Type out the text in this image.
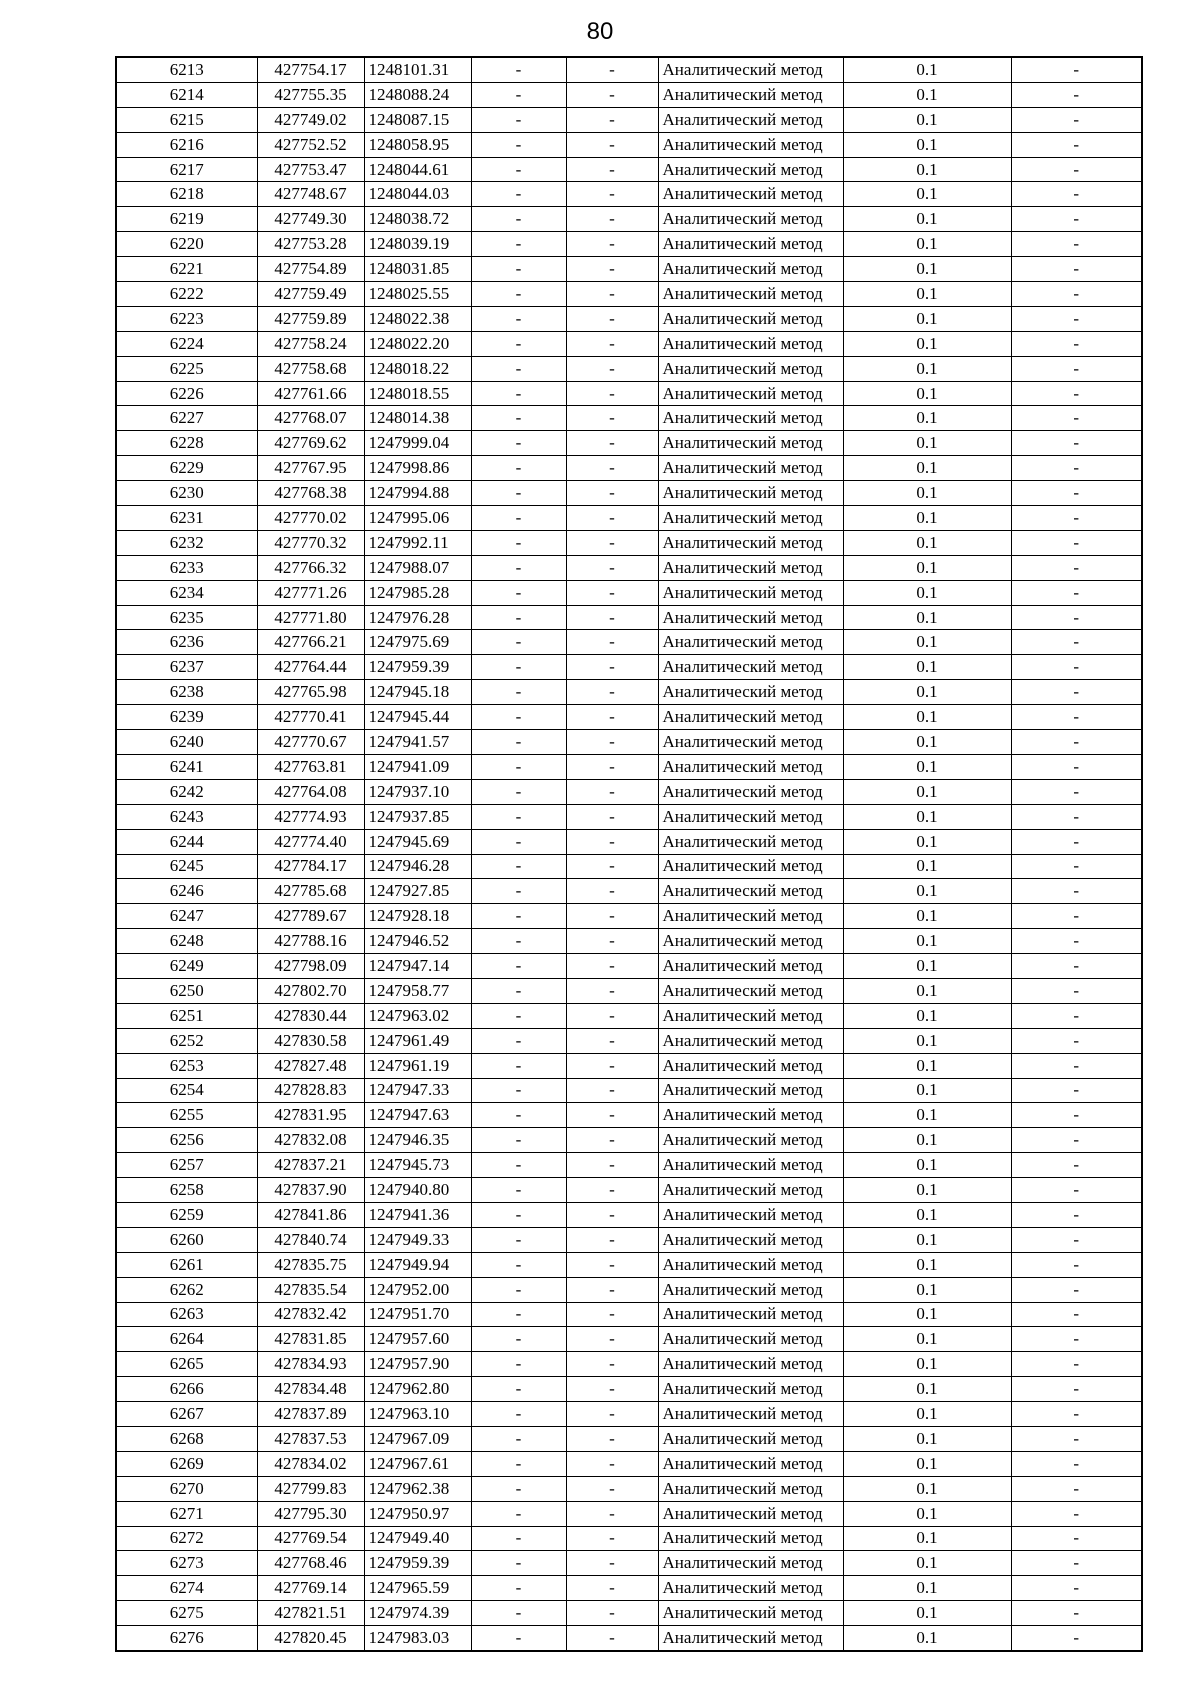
80
6213	427754.17	1248101.31	-	-	Аналитический метод	0.1	-
6214	427755.35	1248088.24	-	-	Аналитический метод	0.1	-
6215	427749.02	1248087.15	-	-	Аналитический метод	0.1	-
6216	427752.52	1248058.95	-	-	Аналитический метод	0.1	-
6217	427753.47	1248044.61	-	-	Аналитический метод	0.1	-
6218	427748.67	1248044.03	-	-	Аналитический метод	0.1	-
6219	427749.30	1248038.72	-	-	Аналитический метод	0.1	-
6220	427753.28	1248039.19	-	-	Аналитический метод	0.1	-
6221	427754.89	1248031.85	-	-	Аналитический метод	0.1	-
6222	427759.49	1248025.55	-	-	Аналитический метод	0.1	-
6223	427759.89	1248022.38	-	-	Аналитический метод	0.1	-
6224	427758.24	1248022.20	-	-	Аналитический метод	0.1	-
6225	427758.68	1248018.22	-	-	Аналитический метод	0.1	-
6226	427761.66	1248018.55	-	-	Аналитический метод	0.1	-
6227	427768.07	1248014.38	-	-	Аналитический метод	0.1	-
6228	427769.62	1247999.04	-	-	Аналитический метод	0.1	-
6229	427767.95	1247998.86	-	-	Аналитический метод	0.1	-
6230	427768.38	1247994.88	-	-	Аналитический метод	0.1	-
6231	427770.02	1247995.06	-	-	Аналитический метод	0.1	-
6232	427770.32	1247992.11	-	-	Аналитический метод	0.1	-
6233	427766.32	1247988.07	-	-	Аналитический метод	0.1	-
6234	427771.26	1247985.28	-	-	Аналитический метод	0.1	-
6235	427771.80	1247976.28	-	-	Аналитический метод	0.1	-
6236	427766.21	1247975.69	-	-	Аналитический метод	0.1	-
6237	427764.44	1247959.39	-	-	Аналитический метод	0.1	-
6238	427765.98	1247945.18	-	-	Аналитический метод	0.1	-
6239	427770.41	1247945.44	-	-	Аналитический метод	0.1	-
6240	427770.67	1247941.57	-	-	Аналитический метод	0.1	-
6241	427763.81	1247941.09	-	-	Аналитический метод	0.1	-
6242	427764.08	1247937.10	-	-	Аналитический метод	0.1	-
6243	427774.93	1247937.85	-	-	Аналитический метод	0.1	-
6244	427774.40	1247945.69	-	-	Аналитический метод	0.1	-
6245	427784.17	1247946.28	-	-	Аналитический метод	0.1	-
6246	427785.68	1247927.85	-	-	Аналитический метод	0.1	-
6247	427789.67	1247928.18	-	-	Аналитический метод	0.1	-
6248	427788.16	1247946.52	-	-	Аналитический метод	0.1	-
6249	427798.09	1247947.14	-	-	Аналитический метод	0.1	-
6250	427802.70	1247958.77	-	-	Аналитический метод	0.1	-
6251	427830.44	1247963.02	-	-	Аналитический метод	0.1	-
6252	427830.58	1247961.49	-	-	Аналитический метод	0.1	-
6253	427827.48	1247961.19	-	-	Аналитический метод	0.1	-
6254	427828.83	1247947.33	-	-	Аналитический метод	0.1	-
6255	427831.95	1247947.63	-	-	Аналитический метод	0.1	-
6256	427832.08	1247946.35	-	-	Аналитический метод	0.1	-
6257	427837.21	1247945.73	-	-	Аналитический метод	0.1	-
6258	427837.90	1247940.80	-	-	Аналитический метод	0.1	-
6259	427841.86	1247941.36	-	-	Аналитический метод	0.1	-
6260	427840.74	1247949.33	-	-	Аналитический метод	0.1	-
6261	427835.75	1247949.94	-	-	Аналитический метод	0.1	-
6262	427835.54	1247952.00	-	-	Аналитический метод	0.1	-
6263	427832.42	1247951.70	-	-	Аналитический метод	0.1	-
6264	427831.85	1247957.60	-	-	Аналитический метод	0.1	-
6265	427834.93	1247957.90	-	-	Аналитический метод	0.1	-
6266	427834.48	1247962.80	-	-	Аналитический метод	0.1	-
6267	427837.89	1247963.10	-	-	Аналитический метод	0.1	-
6268	427837.53	1247967.09	-	-	Аналитический метод	0.1	-
6269	427834.02	1247967.61	-	-	Аналитический метод	0.1	-
6270	427799.83	1247962.38	-	-	Аналитический метод	0.1	-
6271	427795.30	1247950.97	-	-	Аналитический метод	0.1	-
6272	427769.54	1247949.40	-	-	Аналитический метод	0.1	-
6273	427768.46	1247959.39	-	-	Аналитический метод	0.1	-
6274	427769.14	1247965.59	-	-	Аналитический метод	0.1	-
6275	427821.51	1247974.39	-	-	Аналитический метод	0.1	-
6276	427820.45	1247983.03	-	-	Аналитический метод	0.1	-
